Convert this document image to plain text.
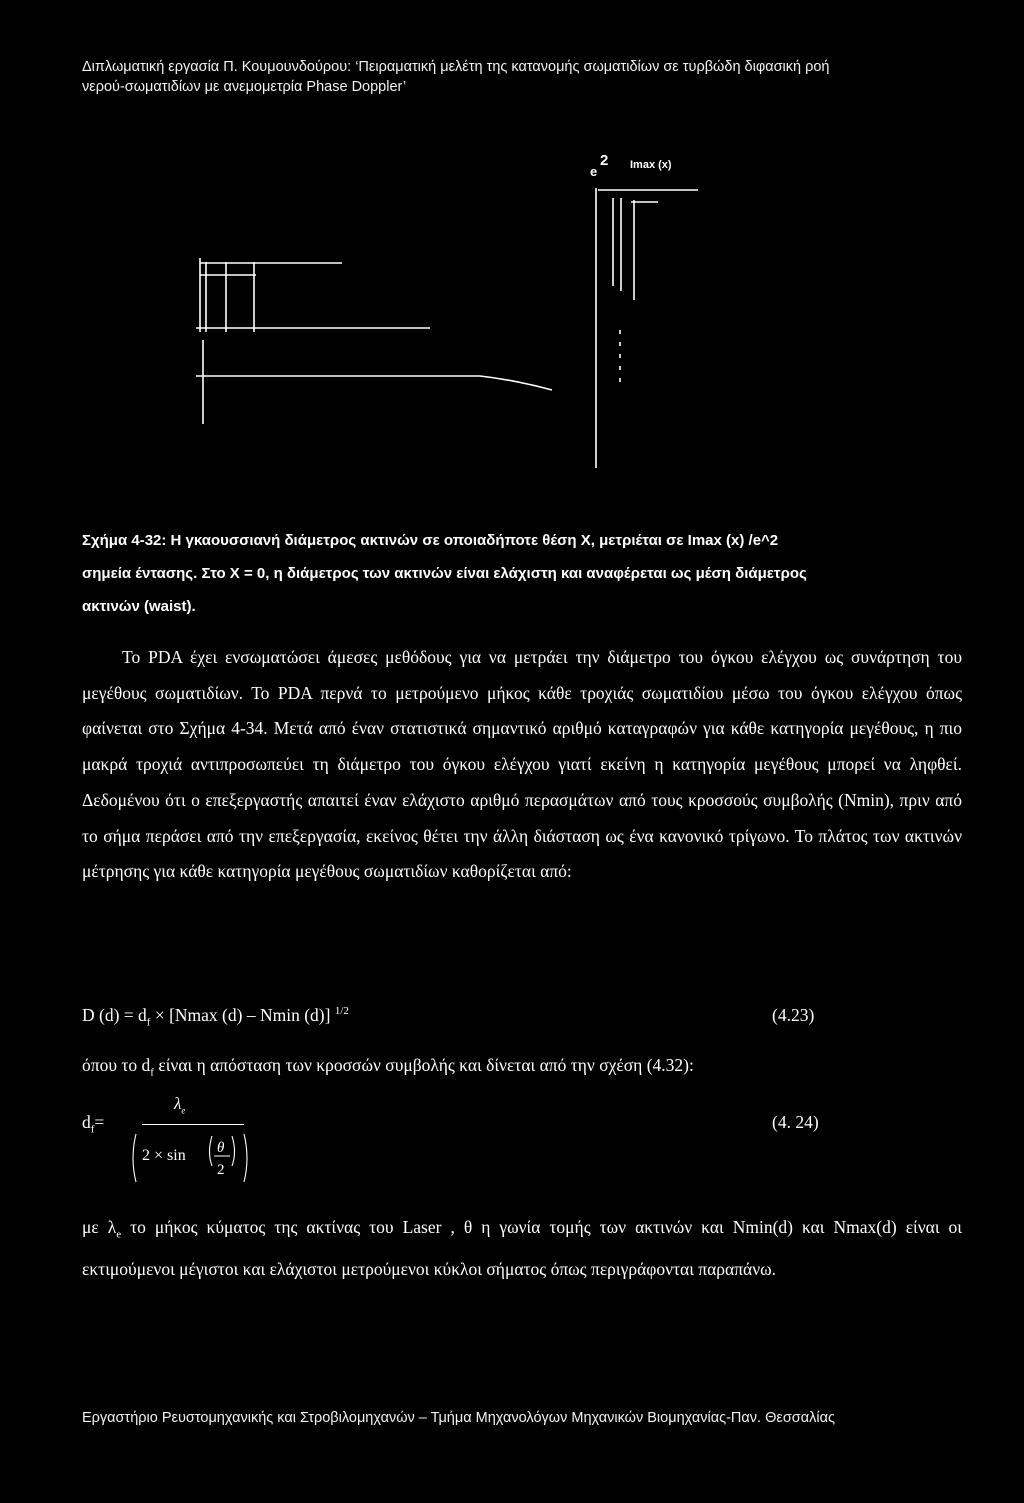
Διπλωματική εργασία Π. Κουμουνδούρου: ‘Πειραματική μελέτη της κατανομής σωματιδίων σε τυρβώδη διφασική ροή
νερού-σωματιδίων με ανεμομετρία Phase Doppler’
e
2 Imax (x)
Σχήμα 4-32: Η γκαουσσιανή διάμετρος ακτινών σε οποιαδήποτε θέση X, μετριέται σε Imax (x) /e^2
σημεία έντασης. Στο X = 0, η διάμετρος των ακτινών είναι ελάχιστη και αναφέρεται ως μέση διάμετρος
ακτινών (waist).
Το PDA έχει ενσωματώσει άμεσες μεθόδους για να μετράει την διάμετρο του όγκου ελέγχου ως συνάρτηση του μεγέθους σωματιδίων. Το PDA περνά το μετρούμενο μήκος κάθε τροχιάς σωματιδίου μέσω του όγκου ελέγχου όπως φαίνεται στο Σχήμα 4-34. Μετά από έναν στατιστικά σημαντικό αριθμό καταγραφών για κάθε κατηγορία μεγέθους, η πιο μακρά τροχιά αντιπροσωπεύει τη διάμετρο του όγκου ελέγχου γιατί εκείνη η κατηγορία μεγέθους μπορεί να ληφθεί. Δεδομένου ότι ο επεξεργαστής απαιτεί έναν ελάχιστο αριθμό περασμάτων από τους κροσσούς συμβολής (Nmin), πριν από το σήμα περάσει από την επεξεργασία, εκείνος θέτει την άλλη διάσταση ως ένα κανονικό τρίγωνο. Το πλάτος των ακτινών μέτρησης για κάθε κατηγορία μεγέθους σωματιδίων καθορίζεται από:
D $(d) = d_f \times [Nmax$ (d) – Nmin (d)] $^{1/2}$	(4.23)
όπου το $d_f$ είναι η απόσταση των κροσσών συμβολής και δίνεται από την σχέση (4.32):
$d_f=$
$\lambda_e$
2 × sin θ
2
(4. 24)
με $\lambda_e$ το μήκος κύματος της ακτίνας του Laser , θ η γωνία τομής των ακτινών και Nmin(d) και Nmax(d) είναι οι εκτιμούμενοι μέγιστοι και ελάχιστοι μετρούμενοι κύκλοι σήματος όπως περιγράφονται παραπάνω.
Εργαστήριο Ρευστομηχανικής και Στροβιλομηχανών – Τμήμα Μηχανολόγων Μηχανικών Βιομηχανίας-Παν. Θεσσαλίας
